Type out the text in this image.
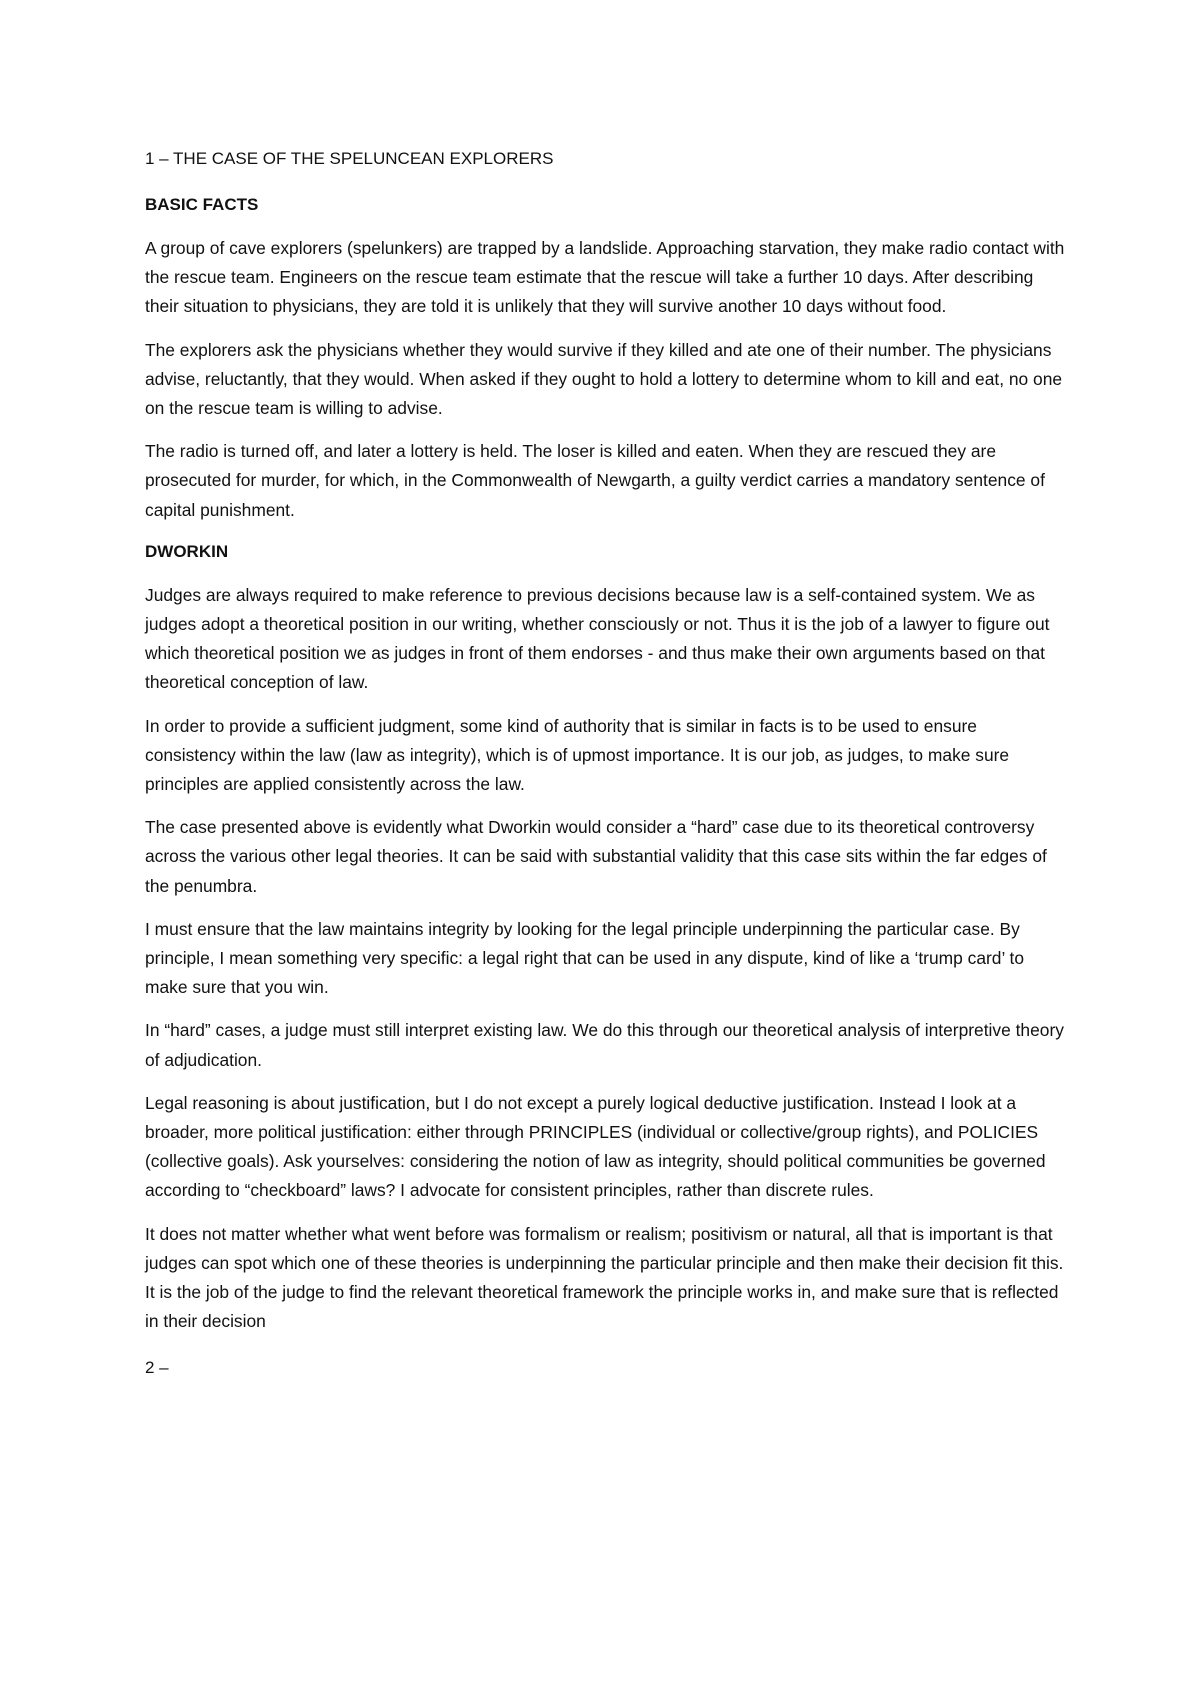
1 – THE CASE OF THE SPELUNCEAN EXPLORERS
BASIC FACTS

A group of cave explorers (spelunkers) are trapped by a landslide. Approaching starvation, they make radio contact with the rescue team. Engineers on the rescue team estimate that the rescue will take a further 10 days. After describing their situation to physicians, they are told it is unlikely that they will survive another 10 days without food.

The explorers ask the physicians whether they would survive if they killed and ate one of their number. The physicians advise, reluctantly, that they would. When asked if they ought to hold a lottery to determine whom to kill and eat, no one on the rescue team is willing to advise.

The radio is turned off, and later a lottery is held. The loser is killed and eaten. When they are rescued they are prosecuted for murder, for which, in the Commonwealth of Newgarth, a guilty verdict carries a mandatory sentence of capital punishment.

DWORKIN

Judges are always required to make reference to previous decisions because law is a self-contained system. We as judges adopt a theoretical position in our writing, whether consciously or not. Thus it is the job of a lawyer to figure out which theoretical position we as judges in front of them endorses - and thus make their own arguments based on that theoretical conception of law.

In order to provide a sufficient judgment, some kind of authority that is similar in facts is to be used to ensure consistency within the law (law as integrity), which is of upmost importance. It is our job, as judges, to make sure principles are applied consistently across the law.

The case presented above is evidently what Dworkin would consider a “hard” case due to its theoretical controversy across the various other legal theories. It can be said with substantial validity that this case sits within the far edges of the penumbra.

I must ensure that the law maintains integrity by looking for the legal principle underpinning the particular case. By principle, I mean something very specific: a legal right that can be used in any dispute, kind of like a ‘trump card’ to make sure that you win.

In “hard” cases, a judge must still interpret existing law. We do this through our theoretical analysis of interpretive theory of adjudication.

Legal reasoning is about justification, but I do not except a purely logical deductive justification. Instead I look at a broader, more political justification: either through PRINCIPLES (individual or collective/group rights), and POLICIES (collective goals). Ask yourselves: considering the notion of law as integrity, should political communities be governed according to “checkboard” laws? I advocate for consistent principles, rather than discrete rules.

It does not matter whether what went before was formalism or realism; positivism or natural, all that is important is that judges can spot which one of these theories is underpinning the particular principle and then make their decision fit this. It is the job of the judge to find the relevant theoretical framework the principle works in, and make sure that is reflected in their decision

2 –
